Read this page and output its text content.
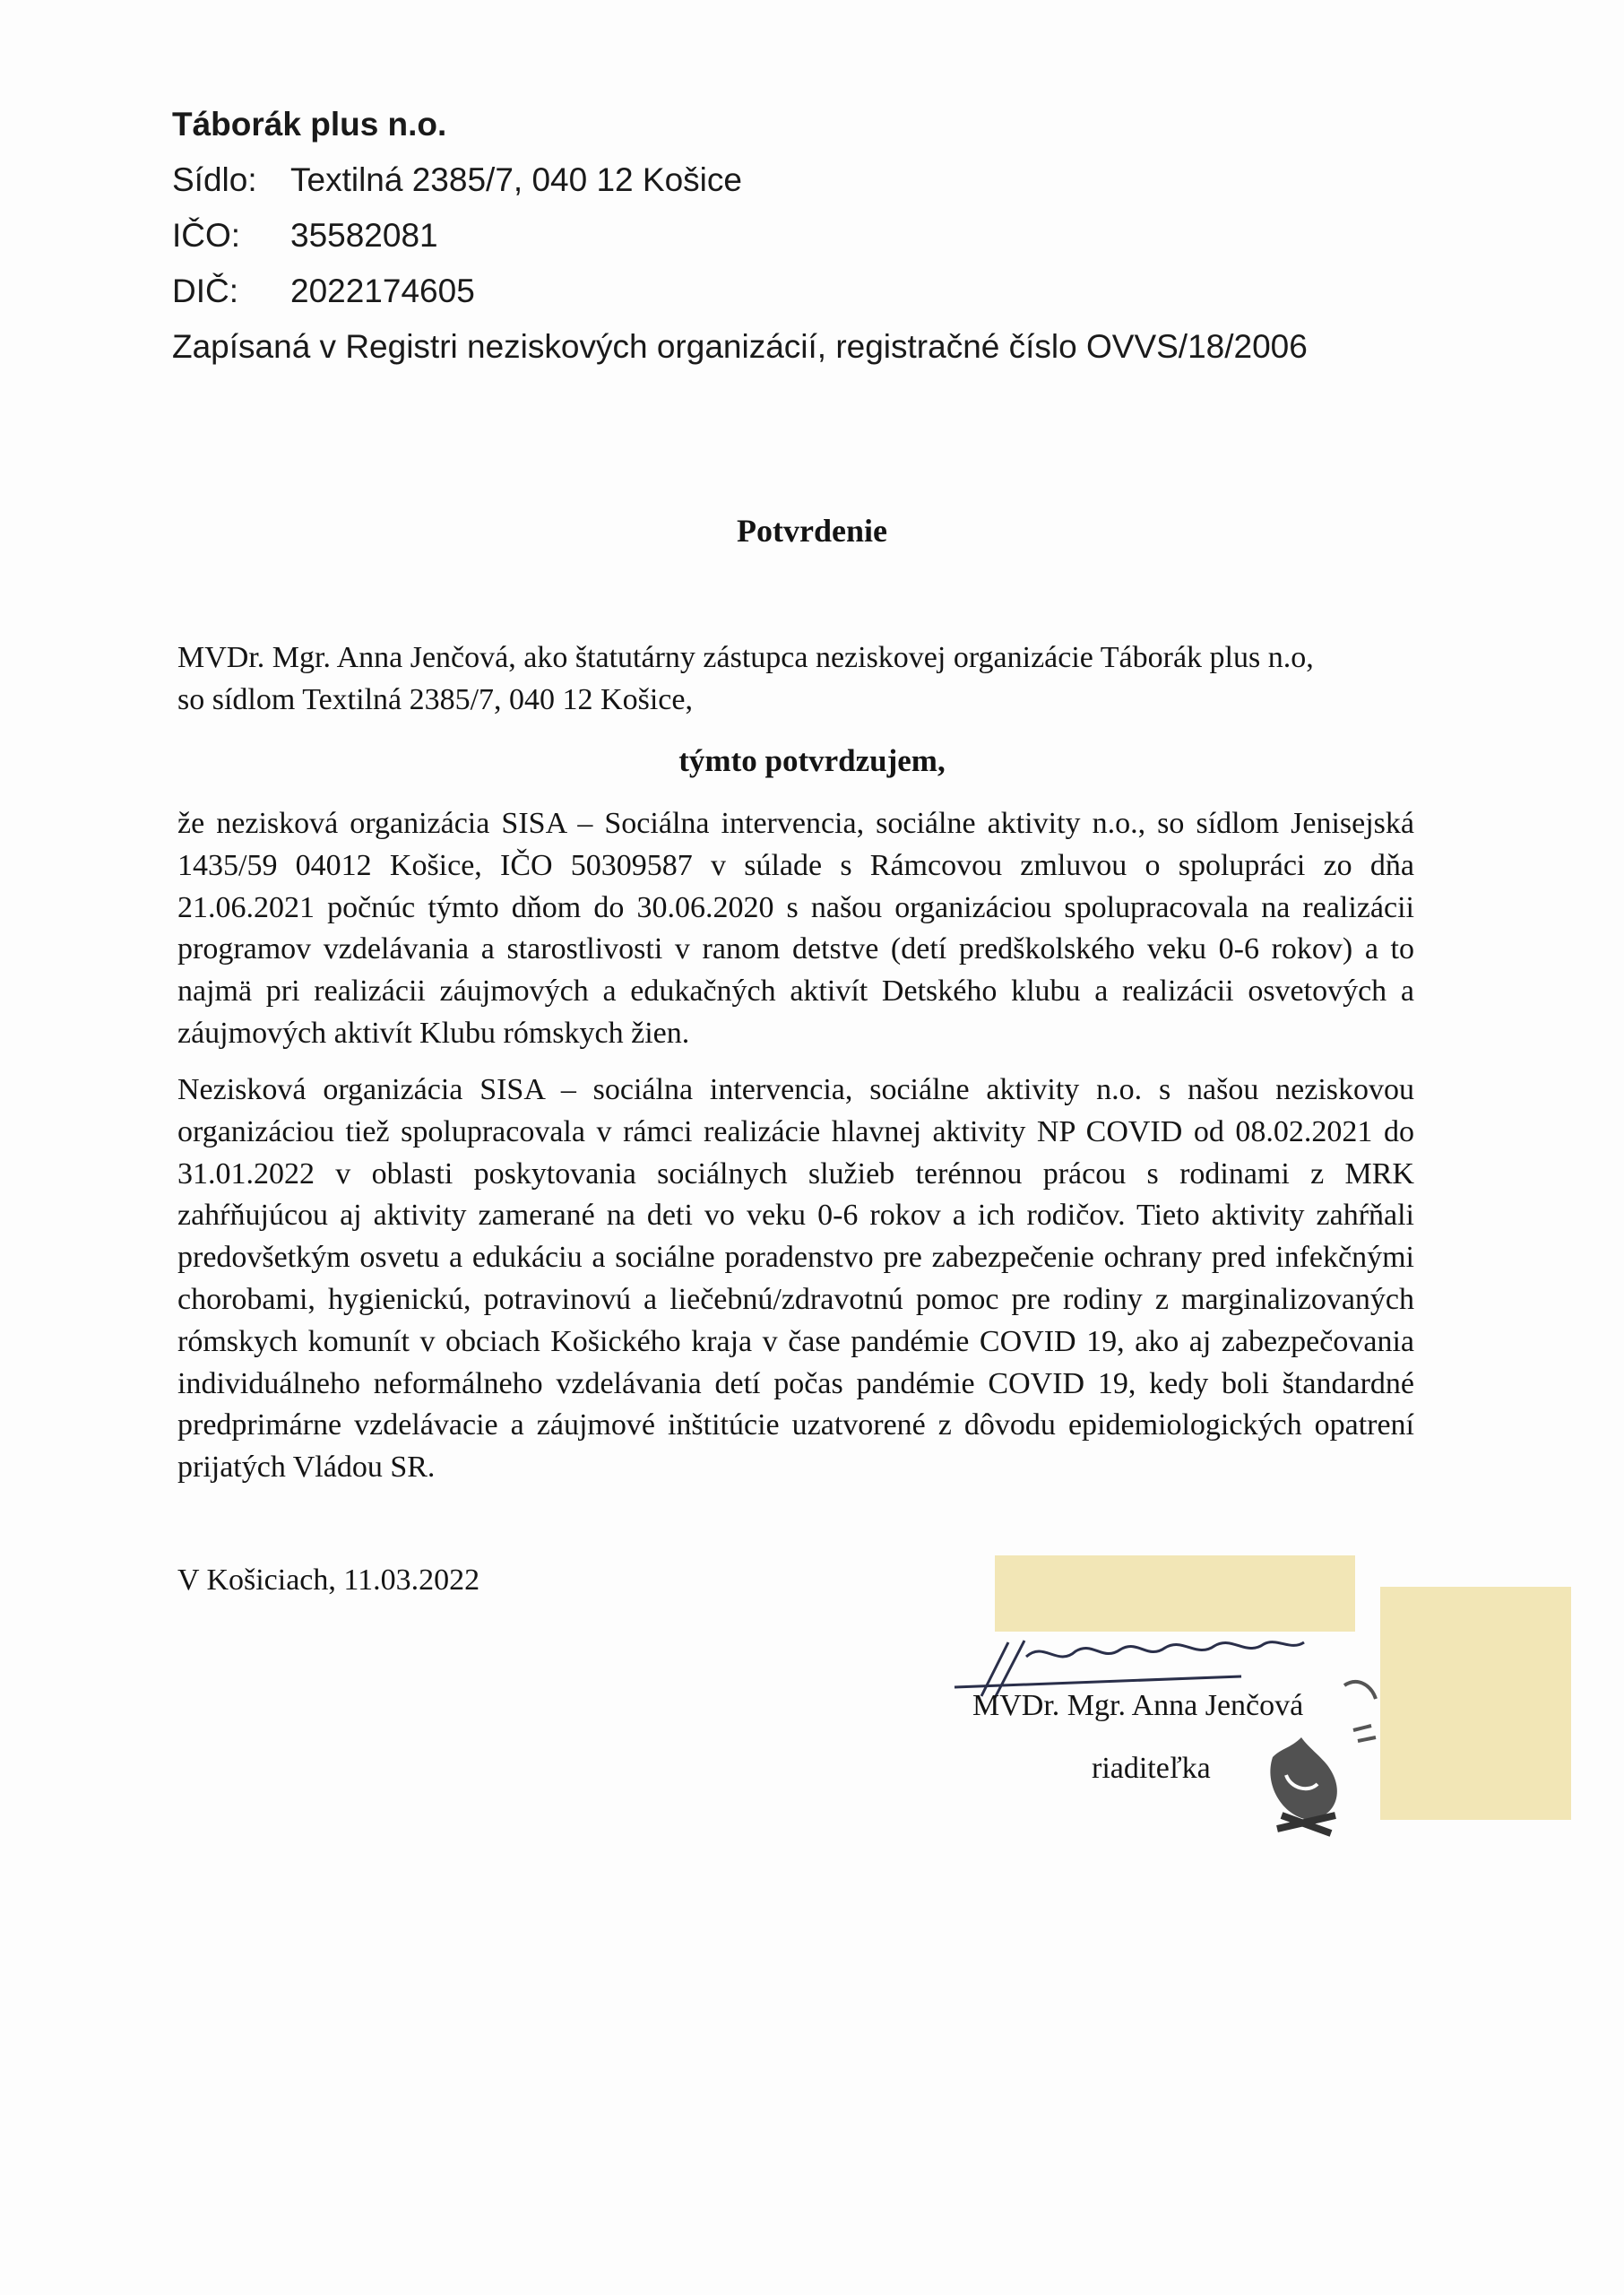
Táborák plus n.o.
Sídlo: Textilná 2385/7, 040 12 Košice
IČO: 35582081
DIČ: 2022174605
Zapísaná v Registri neziskových organizácií, registračné číslo OVVS/18/2006
Potvrdenie
MVDr. Mgr. Anna Jenčová, ako štatutárny zástupca neziskovej organizácie Táborák plus n.o,
so sídlom Textilná 2385/7, 040 12 Košice,
týmto potvrdzujem,
že nezisková organizácia SISA – Sociálna intervencia, sociálne aktivity n.o., so sídlom Jenisejská 1435/59 04012 Košice, IČO 50309587 v súlade s Rámcovou zmluvou o spolupráci zo dňa 21.06.2021 počnúc týmto dňom do 30.06.2020 s našou organizáciou spolupracovala na realizácii programov vzdelávania a starostlivosti v ranom detstve (detí predškolského veku 0-6 rokov) a to najmä pri realizácii záujmových a edukačných aktivít Detského klubu a realizácii osvetových a záujmových aktivít Klubu rómskych žien.
Nezisková organizácia SISA – sociálna intervencia, sociálne aktivity n.o. s našou neziskovou organizáciou tiež spolupracovala v rámci realizácie hlavnej aktivity NP COVID od 08.02.2021 do 31.01.2022 v oblasti poskytovania sociálnych služieb terénnou prácou s rodinami z MRK zahŕňujúcou aj aktivity zamerané na deti vo veku 0-6 rokov a ich rodičov. Tieto aktivity zahŕňali predovšetkým osvetu a edukáciu a sociálne poradenstvo pre zabezpečenie ochrany pred infekčnými chorobami, hygienickú, potravinovú a liečebnú/zdravotnú pomoc pre rodiny z marginalizovaných rómskych komunít v obciach Košického kraja v čase pandémie COVID 19, ako aj zabezpečovania individuálneho neformálneho vzdelávania detí počas pandémie COVID 19, kedy boli štandardné predprimárne vzdelávacie a záujmové inštitúcie uzatvorené z dôvodu epidemiologických opatrení prijatých Vládou SR.
V Košiciach, 11.03.2022
MVDr. Mgr. Anna Jenčová
riaditeľka
